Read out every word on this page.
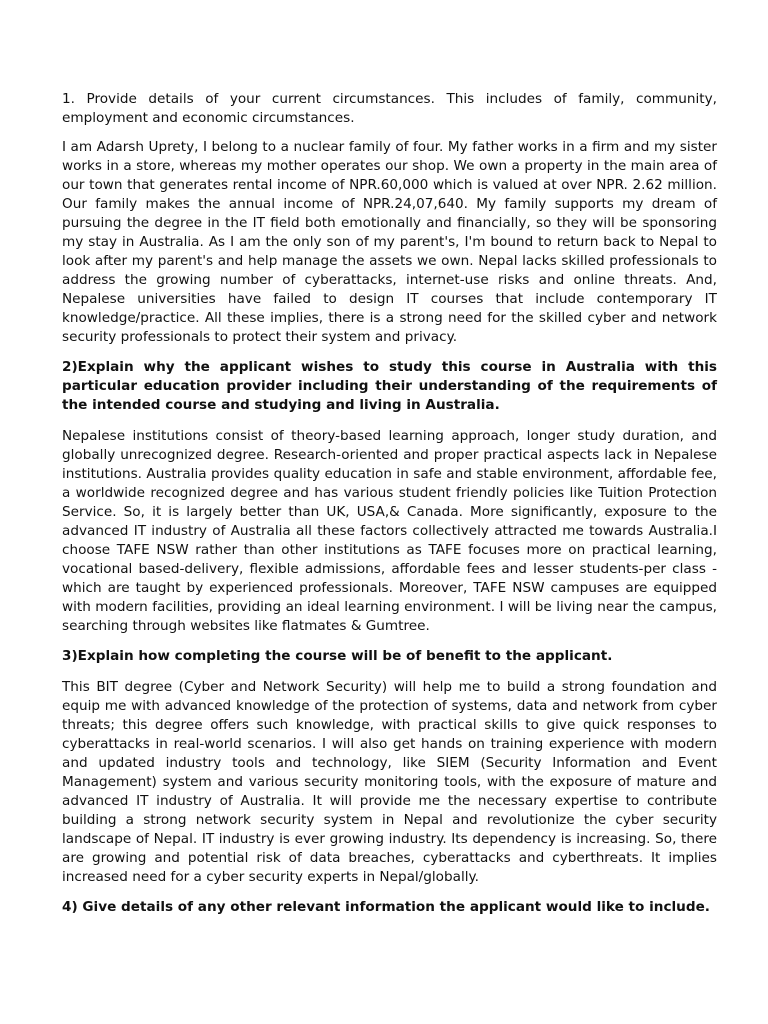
1. Provide details of your current circumstances. This includes of family, community, employment and economic circumstances.

I am Adarsh Uprety, I belong to a nuclear family of four. My father works in a firm and my sister works in a store, whereas my mother operates our shop. We own a property in the main area of our town that generates rental income of NPR.60,000 which is valued at over NPR. 2.62 million. Our family makes the annual income of NPR.24,07,640. My family supports my dream of pursuing the degree in the IT field both emotionally and financially, so they will be sponsoring my stay in Australia. As I am the only son of my parent's, I'm bound to return back to Nepal to look after my parent's and help manage the assets we own. Nepal lacks skilled professionals to address the growing number of cyberattacks, internet-use risks and online threats. And, Nepalese universities have failed to design IT courses that include contemporary IT knowledge/practice. All these implies, there is a strong need for the skilled cyber and network security professionals to protect their system and privacy.

2)Explain why the applicant wishes to study this course in Australia with this particular education provider including their understanding of the requirements of the intended course and studying and living in Australia.

Nepalese institutions consist of theory-based learning approach, longer study duration, and globally unrecognized degree. Research-oriented and proper practical aspects lack in Nepalese institutions. Australia provides quality education in safe and stable environment, affordable fee, a worldwide recognized degree and has various student friendly policies like Tuition Protection Service. So, it is largely better than UK, USA,& Canada. More significantly, exposure to the advanced IT industry of Australia all these factors collectively attracted me towards Australia.I choose TAFE NSW rather than other institutions as TAFE focuses more on practical learning, vocational based-delivery, flexible admissions, affordable fees and lesser students-per class - which are taught by experienced professionals. Moreover, TAFE NSW campuses are equipped with modern facilities, providing an ideal learning environment. I will be living near the campus, searching through websites like flatmates & Gumtree.

3)Explain how completing the course will be of benefit to the applicant.

This BIT degree (Cyber and Network Security) will help me to build a strong foundation and equip me with advanced knowledge of the protection of systems, data and network from cyber threats; this degree offers such knowledge, with practical skills to give quick responses to cyberattacks in real-world scenarios. I will also get hands on training experience with modern and updated industry tools and technology, like SIEM (Security Information and Event Management) system and various security monitoring tools, with the exposure of mature and advanced IT industry of Australia. It will provide me the necessary expertise to contribute building a strong network security system in Nepal and revolutionize the cyber security landscape of Nepal. IT industry is ever growing industry. Its dependency is increasing. So, there are growing and potential risk of data breaches, cyberattacks and cyberthreats. It implies increased need for a cyber security experts in Nepal/globally.

4) Give details of any other relevant information the applicant would like to include.
